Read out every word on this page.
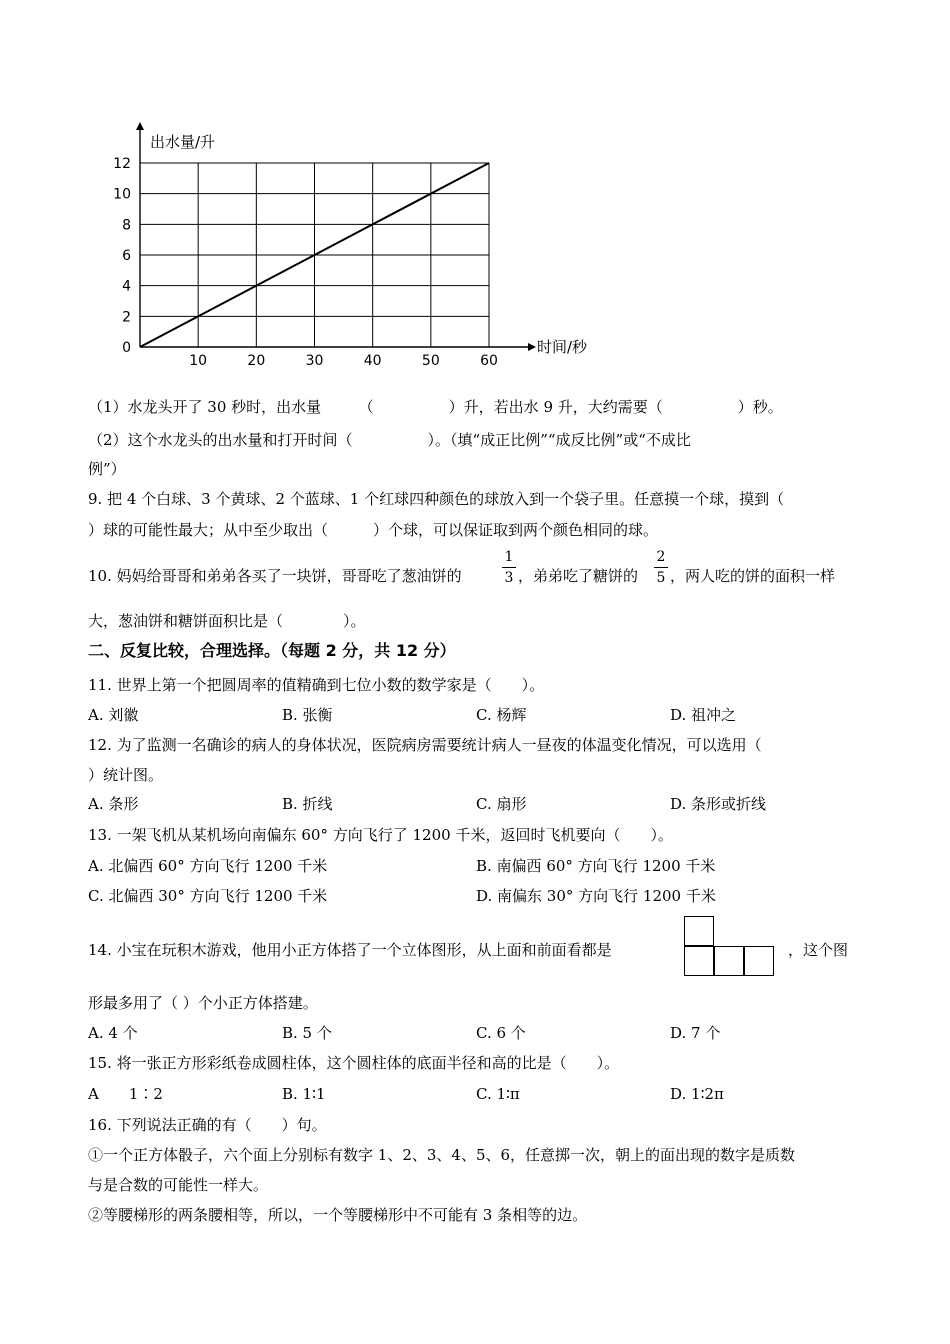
出水量/升
时间/秒
0
2
4
6
8
10
12
10	20	30	40	50	60
（1）水龙头开了 30 秒时，出水量　　　（　　　　　）升，若出水 9 升，大约需要（　　　　　）秒。
（2）这个水龙头的出水量和打开时间（　　　　　）。（填“成正比例”“成反比例”或“不成比
例”）
9. 把 4 个白球、3 个黄球、2 个蓝球、1 个红球四种颜色的球放入到一个袋子里。任意摸一个球，摸到（
）球的可能性最大；从中至少取出（　　　）个球，可以保证取到两个颜色相同的球。
10. 妈妈给哥哥和弟弟各买了一块饼，哥哥吃了葱油饼的
1
3 ，弟弟吃了糖饼的
2
5 ，两人吃的饼的面积一样
大，葱油饼和糖饼面积比是（　　　　）。
二、反复比较，合理选择。（每题 2 分，共 12 分）
11. 世界上第一个把圆周率的值精确到七位小数的数学家是（　　）。
A. 刘徽	B. 张衡	C. 杨辉	D. 祖冲之
12. 为了监测一名确诊的病人的身体状况，医院病房需要统计病人一昼夜的体温变化情况，可以选用（
）统计图。
A. 条形	B. 折线	C. 扇形	D. 条形或折线
13. 一架飞机从某机场向南偏东 60° 方向飞行了 1200 千米，返回时飞机要向（　　）。
A. 北偏西 60° 方向飞行 1200 千米	B. 南偏西 60° 方向飞行 1200 千米
C. 北偏西 30° 方向飞行 1200 千米	D. 南偏东 30° 方向飞行 1200 千米
14. 小宝在玩积木游戏，他用小正方体搭了一个立体图形，从上面和前面看都是	，这个图
形最多用了（ ）个小正方体搭建。
A. 4 个	B. 5 个	C. 6 个	D. 7 个
15. 将一张正方形彩纸卷成圆柱体，这个圆柱体的底面半径和高的比是（　　）。
A　　1∶2	B. 1∶1	C. 1∶π	D. 1∶2π
16. 下列说法正确的有（　　）句。
①一个正方体骰子，六个面上分别标有数字 1、2、3、4、5、6，任意掷一次，朝上的面出现的数字是质数
与是合数的可能性一样大。
②等腰梯形的两条腰相等，所以，一个等腰梯形中不可能有 3 条相等的边。
